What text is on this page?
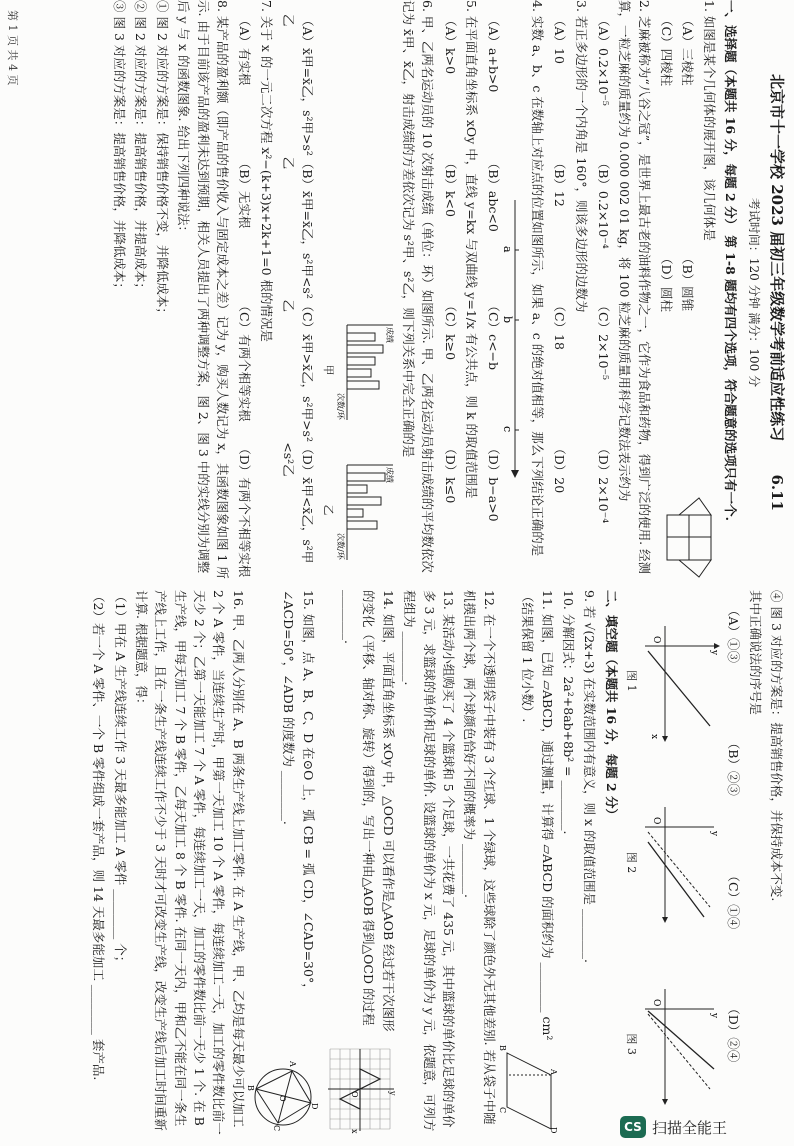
北京市十一学校 2023 届初三年级数学考前适应性练习 6.11
考试时间：120 分钟 满分：100 分

一、选择题（本题共 16 分，每题 2 分） 第 1-8 题均有四个选项，符合题意的选项只有一个.

1. 如图是某个几何体的展开图，该几何体是

（A）三棱柱
（B）圆锥
（C）四棱柱
（D）圆柱

2. 芝麻被称为“八谷之冠”，是世界上最古老的油料作物之一，它作为食品和药物，得到广泛的使用. 经测算，一粒芝麻的质量约为 0.000 002 01 kg，将 100 粒芝麻的质量用科学记数法表示约为

（A）0.2×10⁻⁵
（B）0.2×10⁻⁴
（C）2×10⁻⁵
（D）2×10⁻⁴

3. 若正多边形的一个内角是 160°，则该多边形的边数为

（A）10
（B）12
（C）18
（D）20

4. 实数 a、b、c 在数轴上对应点的位置如图所示，如果 a、c 的绝对值相等，那么下列结论正确的是

a
b
c
（A）a+b>0
（B）abc<0
（C）c<−b
（D）b−a>0

5. 在平面直角坐标系 xOy 中，直线 y=kx 与双曲线 y=1/x 有公共点，则 k 的取值范围是

（A）k>0
（B）k<0
（C）k≥0
（D）k≤0

6. 甲、乙两名运动员的 10 次射击成绩（单位：环）如图所示. 甲、乙两名运动员射击成绩的平均数依次记为 x̄甲、x̄乙，射击成绩的方差依次记为 s²甲、s²乙，则下列关系中完全正确的是

成绩
次数/环
甲
成绩
次数/环
乙
（A）x̄甲=x̄乙，s²甲>s²乙
（B）x̄甲=x̄乙，s²甲<s²乙
（C）x̄甲>x̄乙，s²甲>s²乙
（D）x̄甲<x̄乙，s²甲<s²乙

7. 关于 x 的一元二次方程 x²−(k+3)x+2k+1=0 根的情况是

（A）有实根
（B）无实根
（C）有两个相等实根
（D）有两个不相等实根

8. 某产品的盈利额（即产品的售价收入与固定成本之差）记为 y，购买人数记为 x，其函数图象如图 1 所示. 由于目前该产品的盈利未达到预期，相关人员提出了两种调整方案，图 2、图 3 中的实线分别为调整后 y 与 x 的函数图象. 给出下列四种说法：

① 图 2 对应的方案是：保持销售价格不变，并降低成本；

② 图 2 对应的方案是：提高销售价格，并提高成本；

③ 图 3 对应的方案是：提高销售价格，并降低成本；

第 1 页 共 4 页

④ 图 3 对应的方案是：提高销售价格，并保持成本不变.

其中正确说法的序号是

（A）①③
（B）②③
（C）①④
（D）②④
O
x
y
图 1
O
y
图 2
O
y
图 3

二、填空题（本题共 16 分，每题 2 分）

9. 若 √(2x+3) 在实数范围内有意义，则 x 的取值范围是 ________.

10. 分解因式：2a²+8ab+8b² = ________.

11. 如图，已知 ▱ABCD，通过测量，计算得 ▱ABCD 的面积约为 ________ cm²（结果保留 1 位小数）.

B
A
D
C

12. 在一个不透明袋子中装有 3 个红球、1 个绿球，这些球除了颜色外无其他差别. 若从袋子中随机摸出两个球，两个球颜色恰好不同的概率为 ________.

13. 某活动小组购买了 4 个篮球和 5 个足球，一共花费了 435 元，其中篮球的单价比足球的单价多 3 元，求篮球的单价和足球的单价. 设篮球的单价为 x 元，足球的单价为 y 元，依题意，可列方程组为 ________.

14. 如图，平面直角坐标系 xOy 中，△OCD 可以看作是△AOB 经过若干次图形的变化（平移、轴对称、旋转）得到的，写出一种由△AOB 得到△OCD 的过程 ________.

O	y
x

15. 如图，点 A、B、C、D 在⊙O 上，弧 CB = 弧 CD，∠CAD=30°，∠ACD=50°，∠ADB 的度数为 ________.

A
D
C
B
O

16. 甲、乙两人分别在 A、B 两条生产线上加工零件. 在 A 生产线，甲、乙均是每天最少可以加工 2 个 A 零件，当连续生产时，甲第一天加工 10 个 A 零件，每连续加工一天，加工的零件数比前一天少 2 个；乙第一天能加工 7 个 A 零件，每连续加工一天，加工的零件数比前一天少 1 个. 在 B 生产线，甲每天加工 7 个 B 零件，乙每天加工 8 个 B 零件. 在同一天内，甲和乙不能在同一条生产线上工作，且在一条生产线连续工作不少于 3 天时才可改变生产线，改变生产线后加工时间重新计算. 根据题意，得：

（1）甲在 A 生产线连续工作 3 天最多能加工 A 零件 ________ 个；

（2）若一个 A 零件、一个 B 零件组成一套产品，则 14 天最多能加工 ________ 套产品.

CS 扫描全能王
